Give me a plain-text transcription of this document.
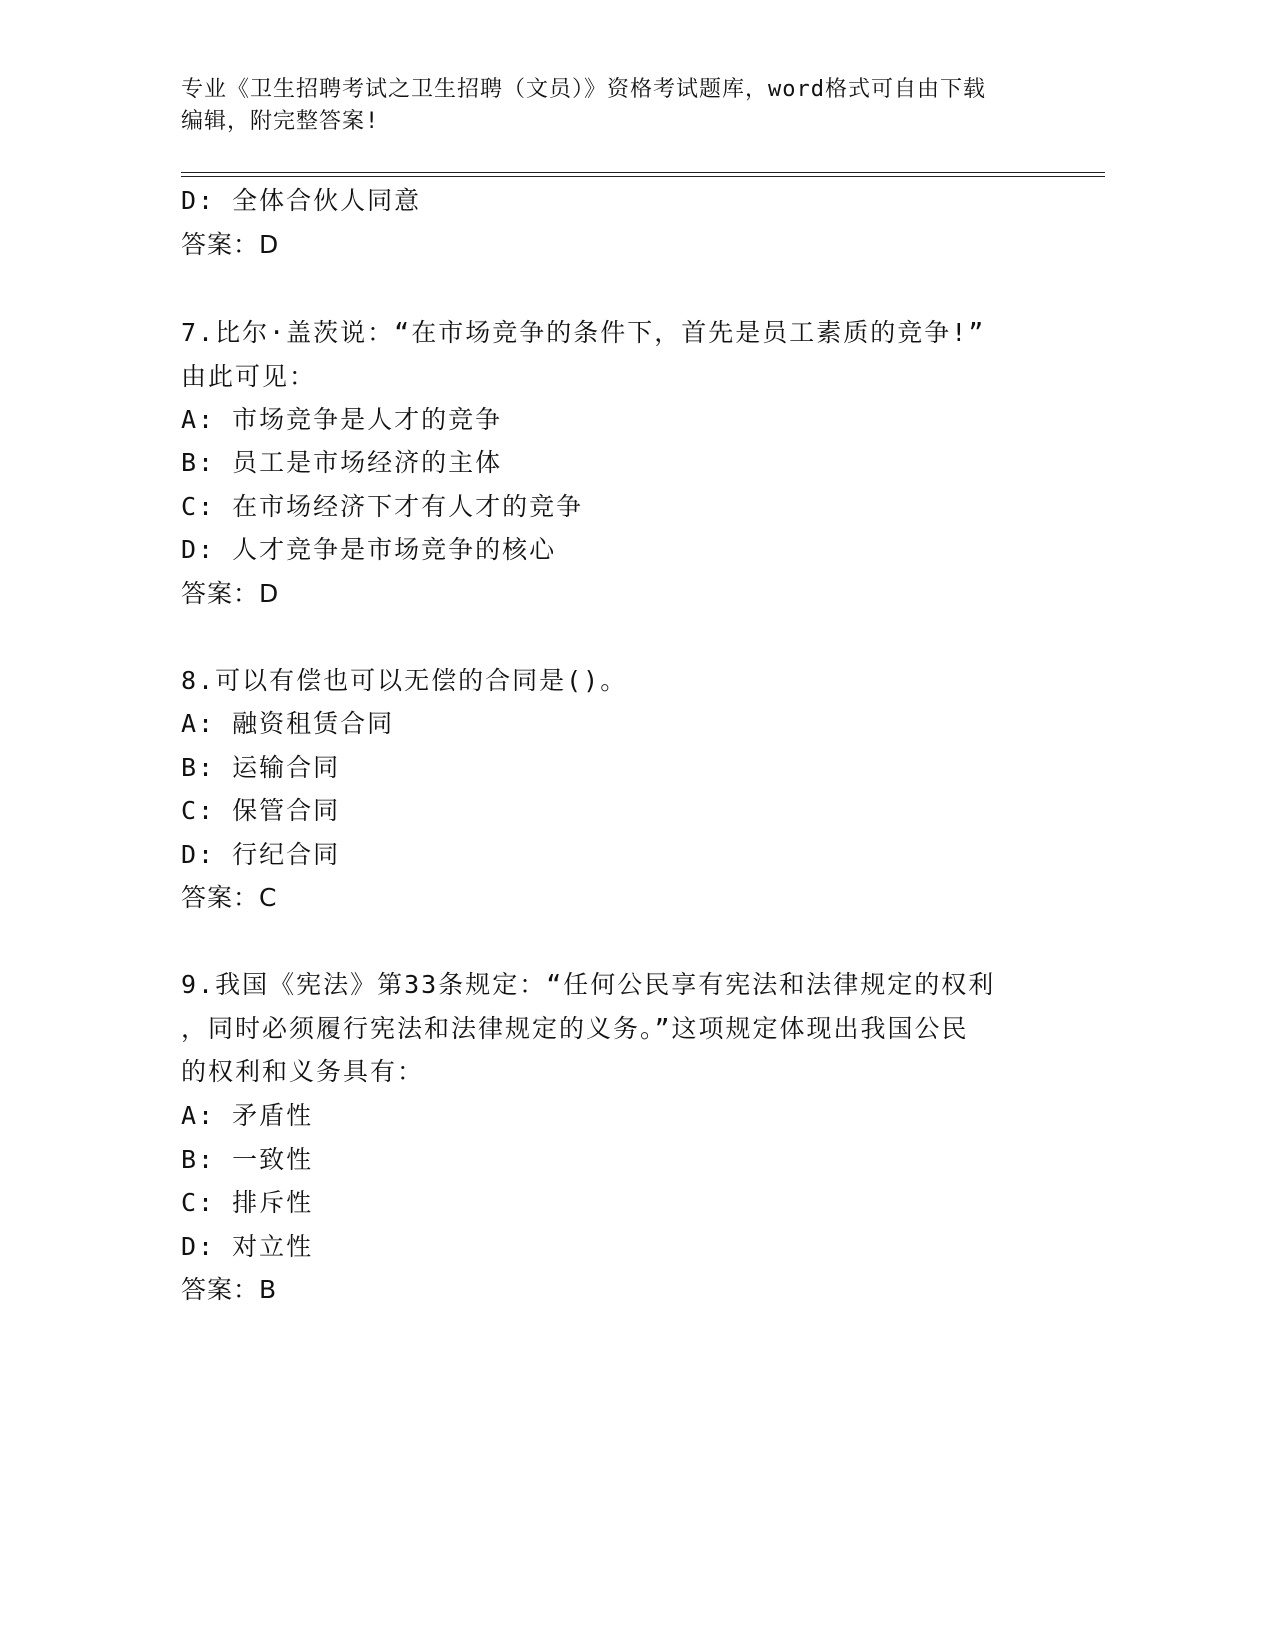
专业《卫生招聘考试之卫生招聘（文员）》资格考试题库，word格式可自由下载
编辑，附完整答案!
D: 全体合伙人同意
答案：D
7.比尔·盖茨说：“在市场竞争的条件下，首先是员工素质的竞争!”
由此可见：
A: 市场竞争是人才的竞争
B: 员工是市场经济的主体
C: 在市场经济下才有人才的竞争
D: 人才竞争是市场竞争的核心
答案：D
8.可以有偿也可以无偿的合同是()。
A: 融资租赁合同
B: 运输合同
C: 保管合同
D: 行纪合同
答案：C
9.我国《宪法》第33条规定：“任何公民享有宪法和法律规定的权利
，同时必须履行宪法和法律规定的义务。”这项规定体现出我国公民
的权利和义务具有：
A: 矛盾性
B: 一致性
C: 排斥性
D: 对立性
答案：B
